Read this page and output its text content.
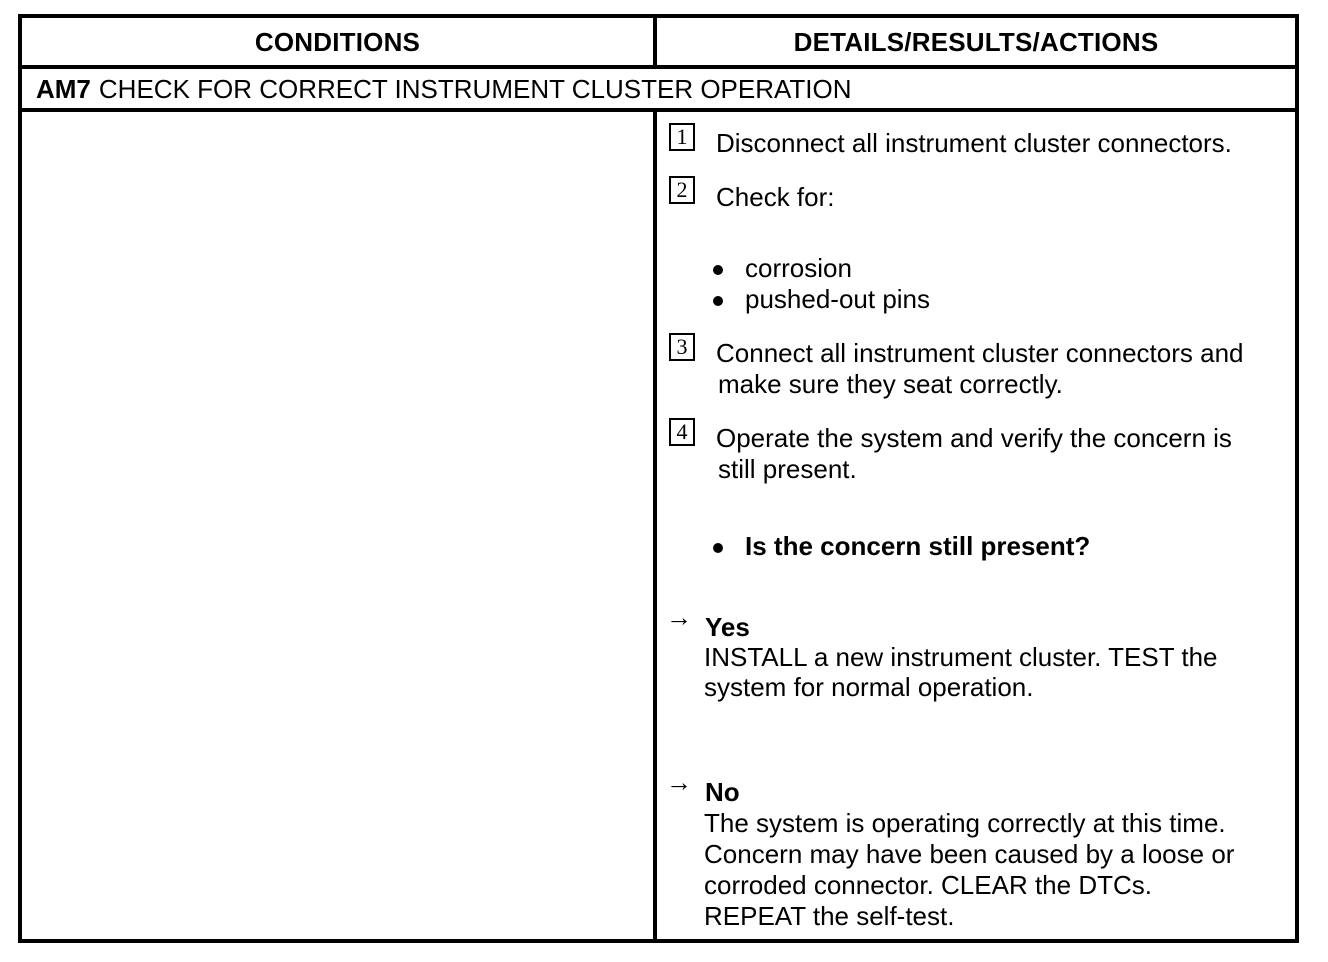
CONDITIONS	DETAILS/RESULTS/ACTIONS
AM7 CHECK FOR CORRECT INSTRUMENT CLUSTER OPERATION
1 Disconnect all instrument cluster connectors.
2 Check for:
corrosion
pushed-out pins
3 Connect all instrument cluster connectors and
make sure they seat correctly.
4 Operate the system and verify the concern is
still present.
Is the concern still present?
→ Yes
INSTALL a new instrument cluster. TEST the
system for normal operation.
→ No
The system is operating correctly at this time.
Concern may have been caused by a loose or
corroded connector. CLEAR the DTCs.
REPEAT the self-test.
